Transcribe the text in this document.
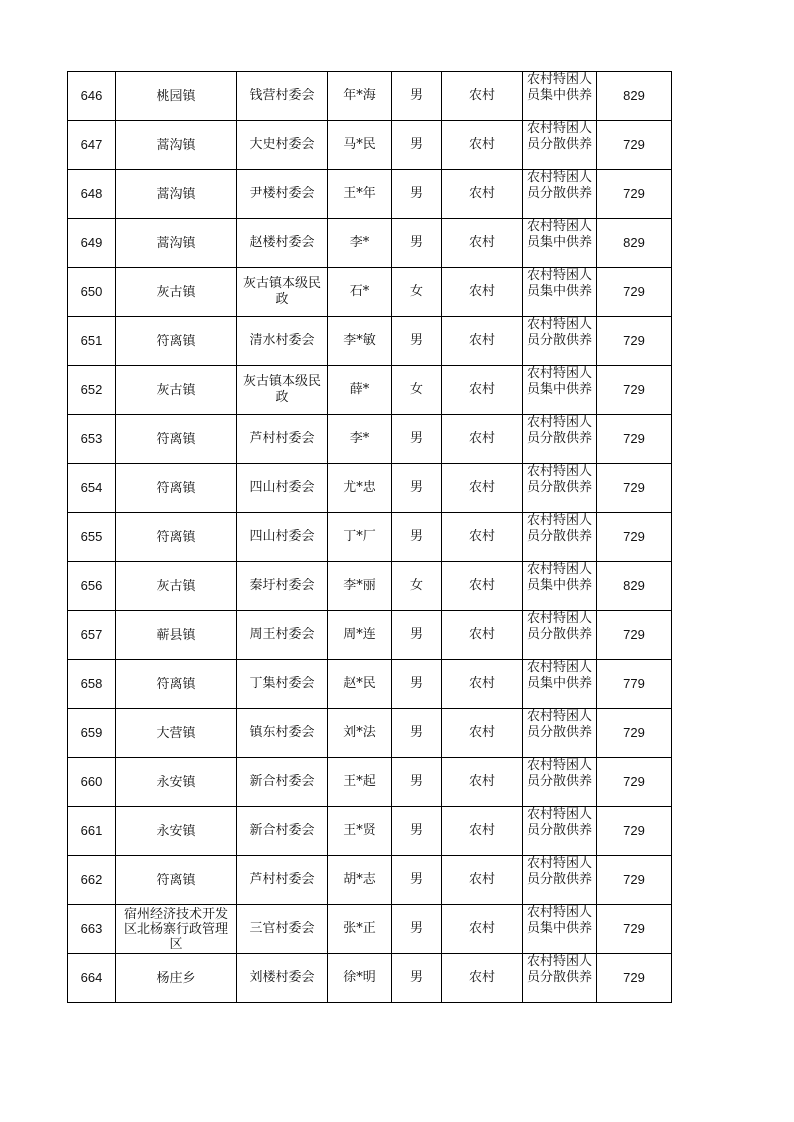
646	桃园镇	钱营村委会	年*海	男	农村	农村特困人员集中供养	829

647	蒿沟镇	大史村委会	马*民	男	农村	农村特困人员分散供养	729

648	蒿沟镇	尹楼村委会	王*年	男	农村	农村特困人员分散供养	729

649	蒿沟镇	赵楼村委会	李*	男	农村	农村特困人员集中供养	829

650	灰古镇	灰古镇本级民政	石*	女	农村	农村特困人员集中供养	729

651	符离镇	清水村委会	李*敏	男	农村	农村特困人员分散供养	729

652	灰古镇	灰古镇本级民政	薛*	女	农村	农村特困人员集中供养	729

653	符离镇	芦村村委会	李*	男	农村	农村特困人员分散供养	729

654	符离镇	四山村委会	尤*忠	男	农村	农村特困人员分散供养	729

655	符离镇	四山村委会	丁*厂	男	农村	农村特困人员分散供养	729

656	灰古镇	秦圩村委会	李*丽	女	农村	农村特困人员集中供养	829

657	蕲县镇	周王村委会	周*连	男	农村	农村特困人员分散供养	729

658	符离镇	丁集村委会	赵*民	男	农村	农村特困人员集中供养	779

659	大营镇	镇东村委会	刘*法	男	农村	农村特困人员分散供养	729

660	永安镇	新合村委会	王*起	男	农村	农村特困人员分散供养	729

661	永安镇	新合村委会	王*贤	男	农村	农村特困人员分散供养	729

662	符离镇	芦村村委会	胡*志	男	农村	农村特困人员分散供养	729

663	宿州经济技术开发区北杨寨行政管理区	三官村委会	张*正	男	农村	农村特困人员集中供养	729

664	杨庄乡	刘楼村委会	徐*明	男	农村	农村特困人员分散供养	729
